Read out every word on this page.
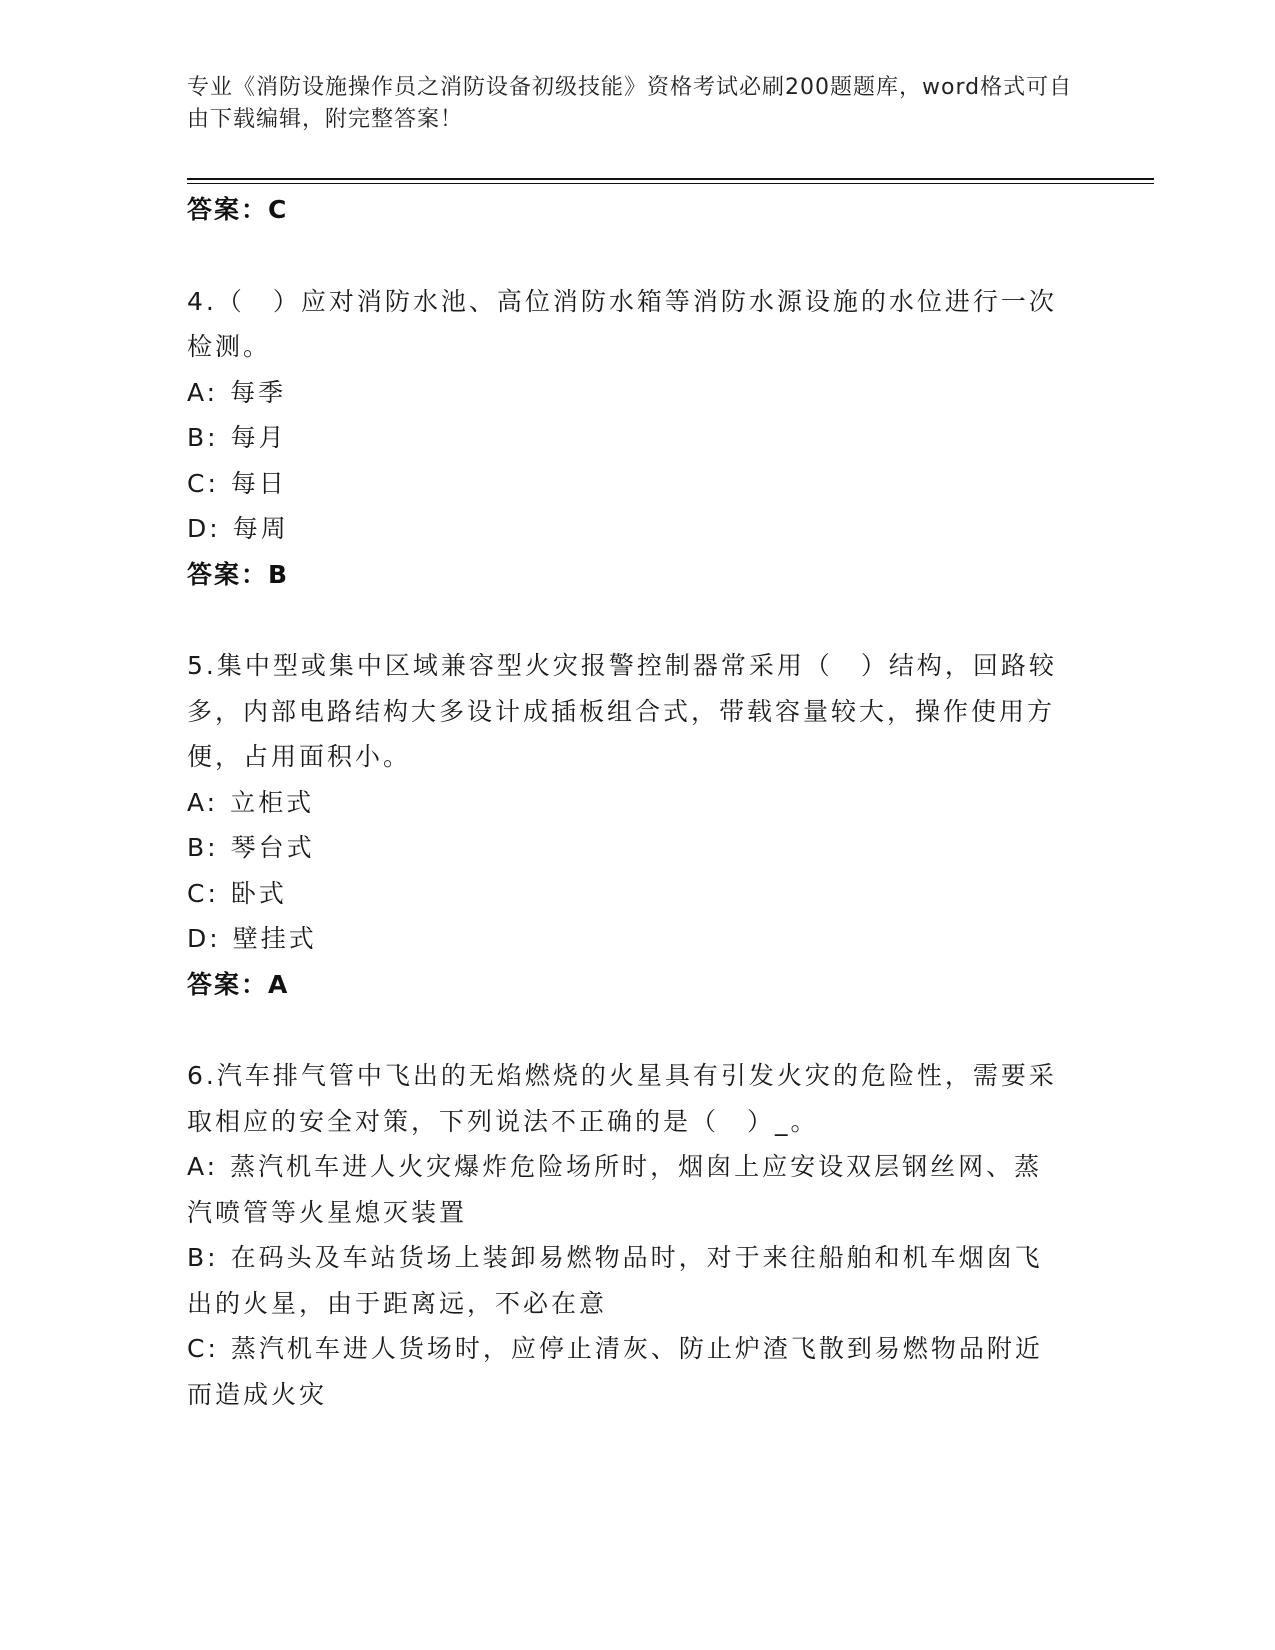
专业《消防设施操作员之消防设备初级技能》资格考试必刷200题题库，word格式可自由下载编辑，附完整答案！
答案：C
4.（　）应对消防水池、高位消防水箱等消防水源设施的水位进行一次检测。
A: 每季
B: 每月
C: 每日
D: 每周
答案：B
5.集中型或集中区域兼容型火灾报警控制器常采用（　）结构，回路较多，内部电路结构大多设计成插板组合式，带载容量较大，操作使用方便，占用面积小。
A: 立柜式
B: 琴台式
C: 卧式
D: 壁挂式
答案：A
6.汽车排气管中飞出的无焰燃烧的火星具有引发火灾的危险性，需要采取相应的安全对策，下列说法不正确的是（　）_。
A: 蒸汽机车进人火灾爆炸危险场所时，烟囱上应安设双层钢丝网、蒸汽喷管等火星熄灭装置
B: 在码头及车站货场上装卸易燃物品时，对于来往船舶和机车烟囱飞出的火星，由于距离远，不必在意
C: 蒸汽机车进人货场时，应停止清灰、防止炉渣飞散到易燃物品附近而造成火灾
